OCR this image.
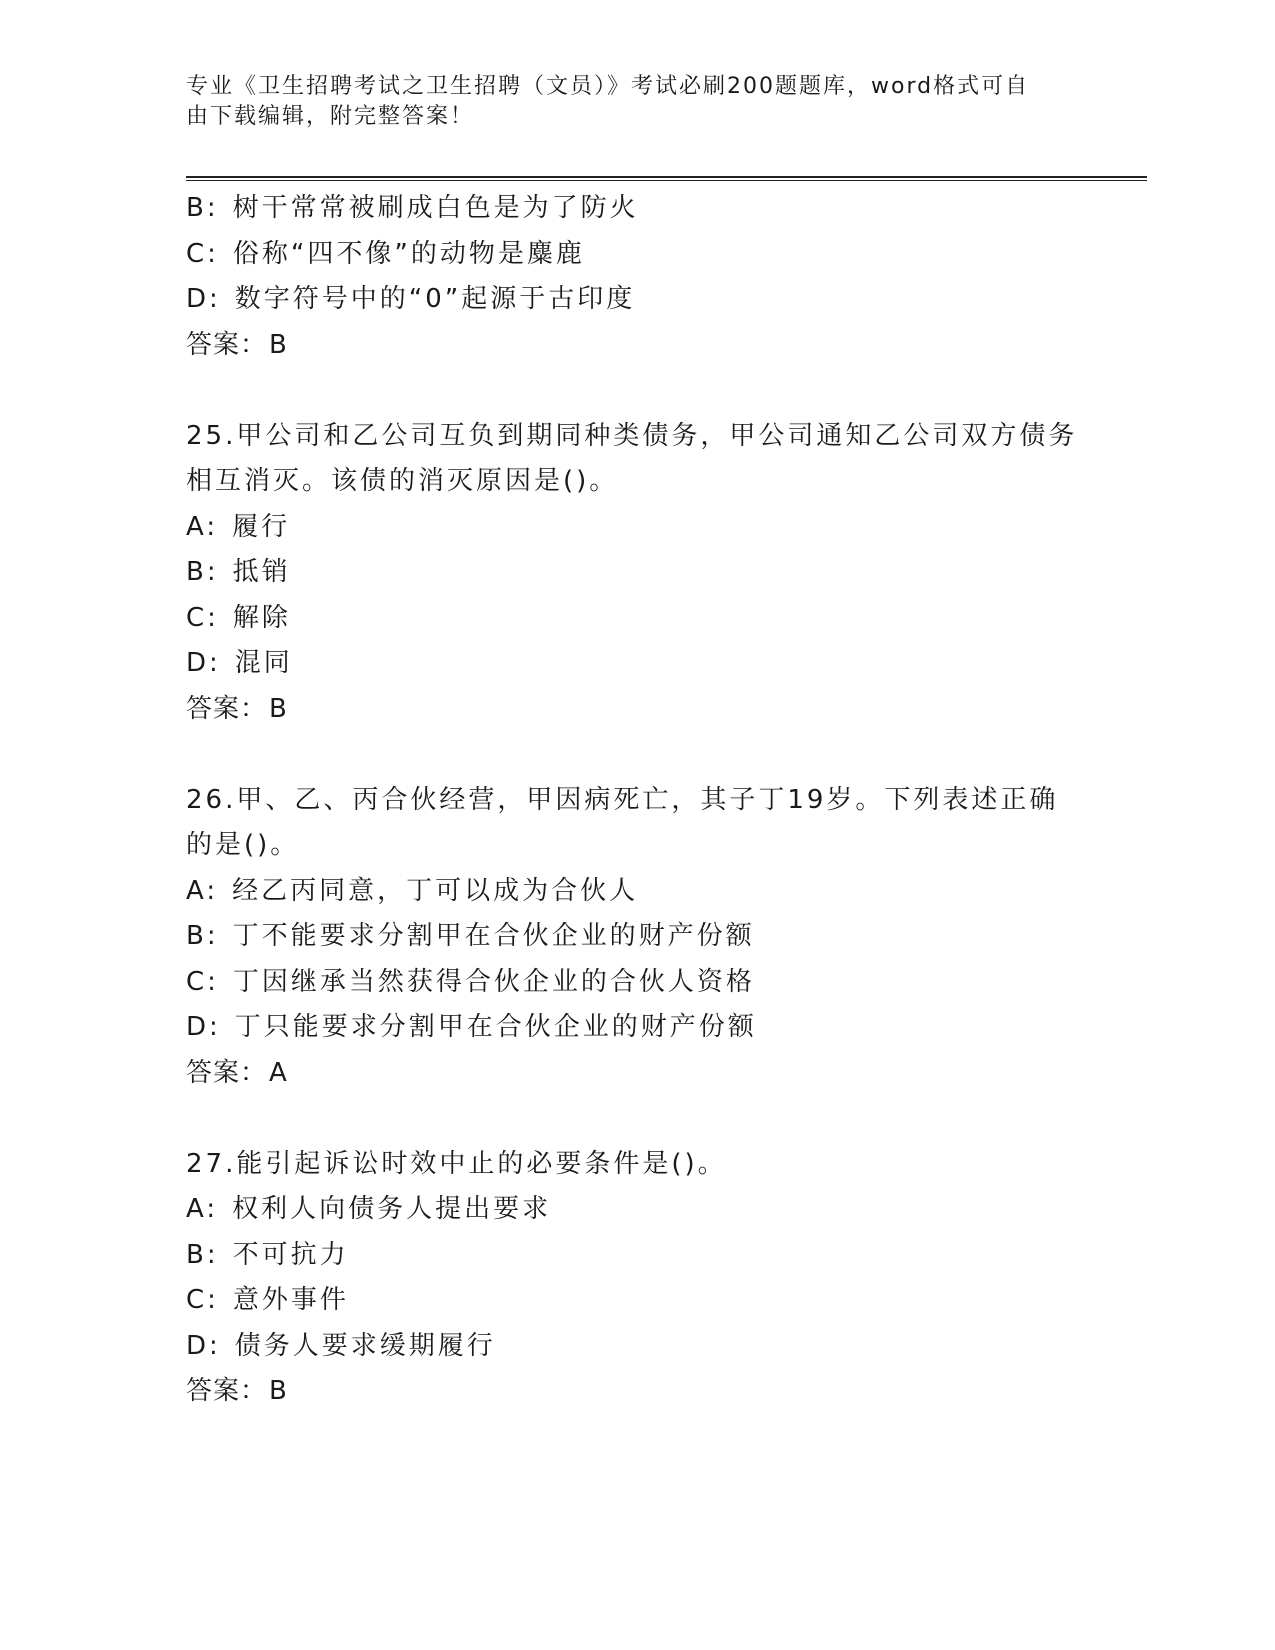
专业《卫生招聘考试之卫生招聘（文员）》考试必刷200题题库，word格式可自
由下载编辑，附完整答案！
B: 树干常常被刷成白色是为了防火
C: 俗称“四不像”的动物是麋鹿
D: 数字符号中的“0”起源于古印度
答案：B
25.甲公司和乙公司互负到期同种类债务，甲公司通知乙公司双方债务
相互消灭。该债的消灭原因是()。
A: 履行
B: 抵销
C: 解除
D: 混同
答案：B
26.甲、乙、丙合伙经营，甲因病死亡，其子丁19岁。下列表述正确
的是()。
A: 经乙丙同意，丁可以成为合伙人
B: 丁不能要求分割甲在合伙企业的财产份额
C: 丁因继承当然获得合伙企业的合伙人资格
D: 丁只能要求分割甲在合伙企业的财产份额
答案：A
27.能引起诉讼时效中止的必要条件是()。
A: 权利人向债务人提出要求
B: 不可抗力
C: 意外事件
D: 债务人要求缓期履行
答案：B
